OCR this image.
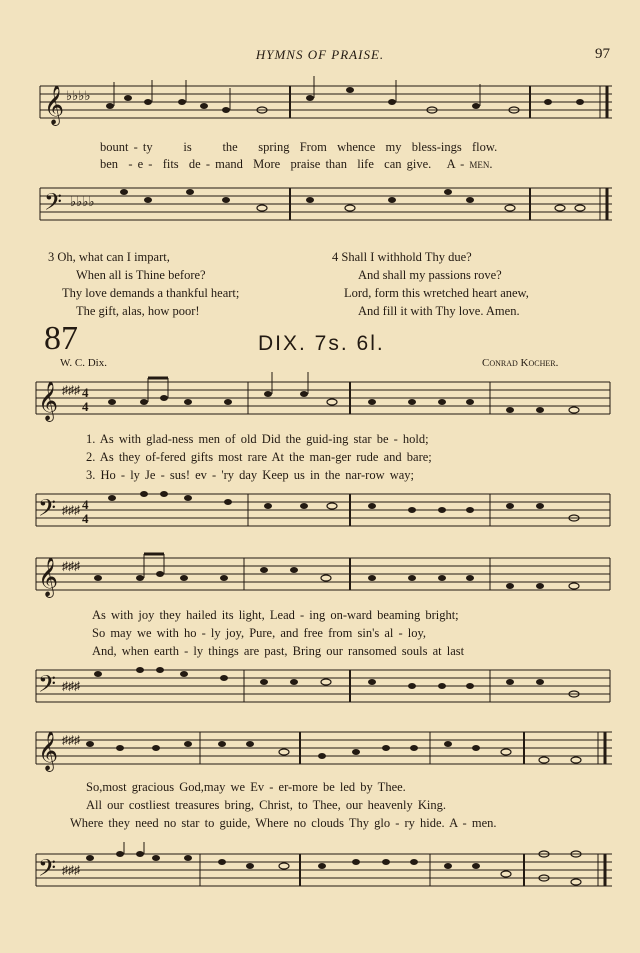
HYMNS OF PRAISE.	97
𝄞 ♭♭♭♭
bount - ty is the spring From whence my bless-ings flow.
ben - e - fits de - mand More praise than life can give. A - men.
𝄢 ♭♭♭♭
3 Oh, what can I impart,
When all is Thine before?
Thy love demands a thankful heart;
The gift, alas, how poor!
4 Shall I withhold Thy due?
And shall my passions rove?
Lord, form this wretched heart anew,
And fill it with Thy love. Amen.
87	DIX. 7s. 6l.
W. C. Dix.	Conrad Kocher.
𝄞 ♯♯♯ 4
4
1. As with glad-ness men of old Did the guid-ing star be - hold;
2. As they of-fered gifts most rare At the man-ger rude and bare;
3. Ho - ly Je - sus! ev - 'ry day Keep us in the nar-row way;
𝄢 ♯♯♯ 4
4
𝄞 ♯♯♯
As with joy they hailed its light, Lead - ing on-ward beaming bright;
So may we with ho - ly joy, Pure, and free from sin's al - loy,
And, when earth - ly things are past, Bring our ransomed souls at last
𝄢 ♯♯♯
𝄞 ♯♯♯
So,most gracious God,may we Ev - er-more be led by Thee.
All our costliest treasures bring, Christ, to Thee, our heavenly King.
Where they need no star to guide, Where no clouds Thy glo - ry hide. A - men.
𝄢 ♯♯♯
